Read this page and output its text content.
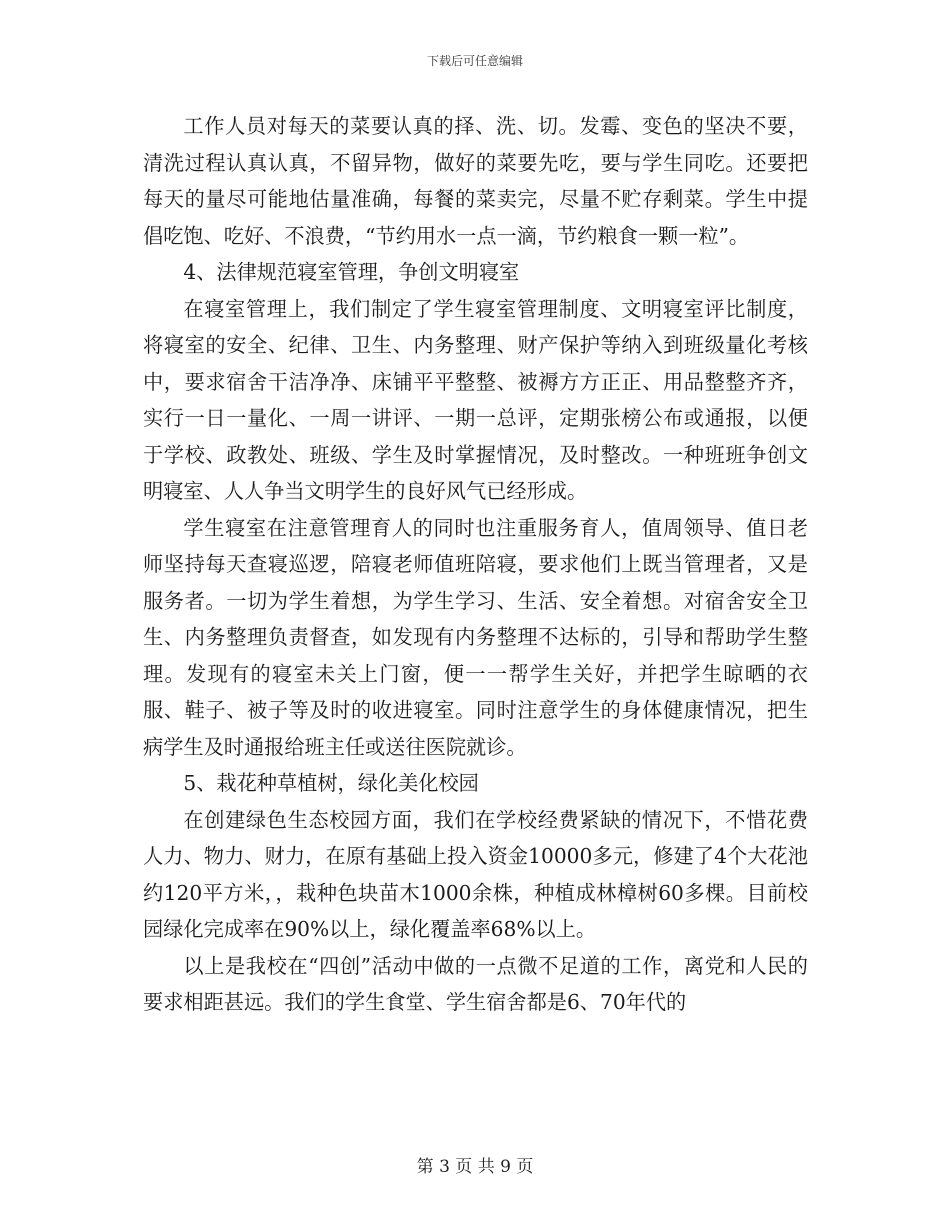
下载后可任意编辑

工作人员对每天的菜要认真的择、洗、切。发霉、变色的坚决不要，清洗过程认真认真，不留异物，做好的菜要先吃，要与学生同吃。还要把每天的量尽可能地估量准确，每餐的菜卖完，尽量不贮存剩菜。学生中提倡吃饱、吃好、不浪费，“节约用水一点一滴，节约粮食一颗一粒”。

4、法律规范寝室管理，争创文明寝室

在寝室管理上，我们制定了学生寝室管理制度、文明寝室评比制度，将寝室的安全、纪律、卫生、内务整理、财产保护等纳入到班级量化考核中，要求宿舍干洁净净、床铺平平整整、被褥方方正正、用品整整齐齐，实行一日一量化、一周一讲评、一期一总评，定期张榜公布或通报，以便于学校、政教处、班级、学生及时掌握情况，及时整改。一种班班争创文明寝室、人人争当文明学生的良好风气已经形成。

学生寝室在注意管理育人的同时也注重服务育人，值周领导、值日老师坚持每天查寝巡逻，陪寝老师值班陪寝，要求他们上既当管理者，又是服务者。一切为学生着想，为学生学习、生活、安全着想。对宿舍安全卫生、内务整理负责督查，如发现有内务整理不达标的，引导和帮助学生整理。发现有的寝室未关上门窗，便一一帮学生关好，并把学生晾晒的衣服、鞋子、被子等及时的收进寝室。同时注意学生的身体健康情况，把生病学生及时通报给班主任或送往医院就诊。

5、栽花种草植树，绿化美化校园

在创建绿色生态校园方面，我们在学校经费紧缺的情况下，不惜花费人力、物力、财力，在原有基础上投入资金10000多元，修建了4个大花池约120平方米，，栽种色块苗木1000余株，种植成林樟树60多棵。目前校园绿化完成率在90%以上，绿化覆盖率68%以上。

以上是我校在“四创”活动中做的一点微不足道的工作，离党和人民的要求相距甚远。我们的学生食堂、学生宿舍都是6、70年代的

第 3 页 共 9 页
